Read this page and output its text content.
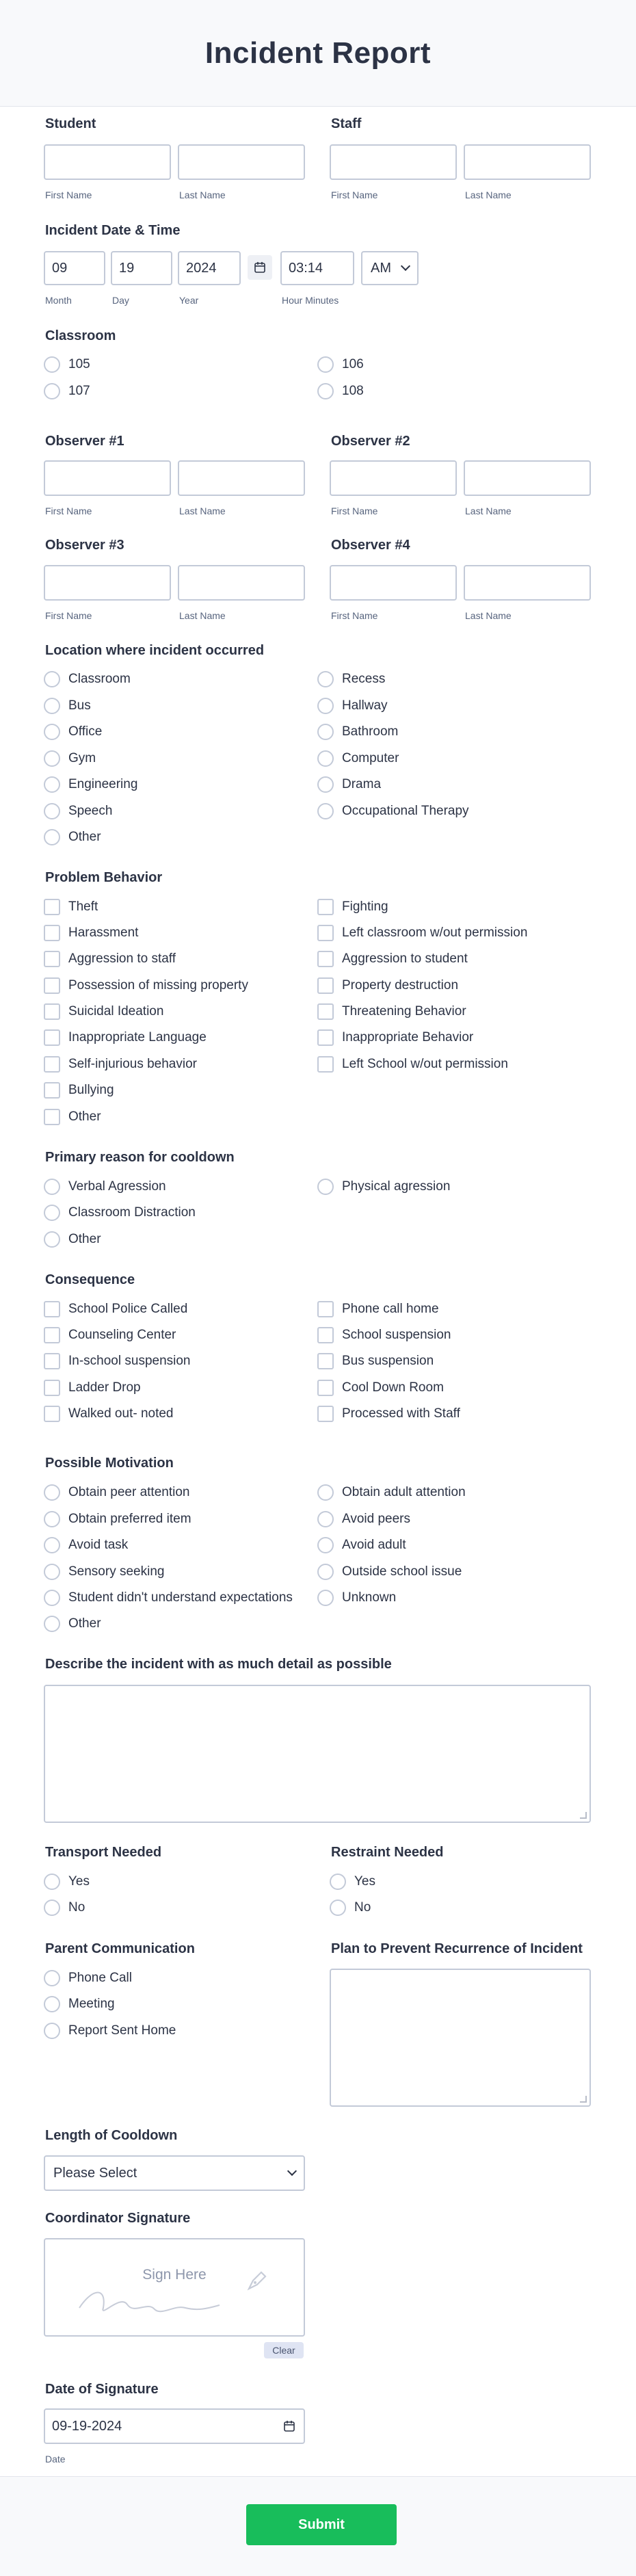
Incident Report
Student
First Name	Last Name
Staff
First Name	Last Name
Incident Date & Time
09	19	2024	03:14	AM
Month	Day	Year	Hour Minutes
Classroom
105	106
107	108
Observer #1
First Name	Last Name
Observer #2
First Name	Last Name
Observer #3
First Name	Last Name
Observer #4
First Name	Last Name
Location where incident occurred
Classroom	Recess
Bus	Hallway
Office	Bathroom
Gym	Computer
Engineering	Drama
Speech	Occupational Therapy
Other
Problem Behavior
Theft	Fighting
Harassment	Left classroom w/out permission
Aggression to staff	Aggression to student
Possession of missing property	Property destruction
Suicidal Ideation	Threatening Behavior
Inappropriate Language	Inappropriate Behavior
Self-injurious behavior	Left School w/out permission
Bullying
Other
Primary reason for cooldown
Verbal Agression	Physical agression
Classroom Distraction
Other
Consequence
School Police Called	Phone call home
Counseling Center	School suspension
In-school suspension	Bus suspension
Ladder Drop	Cool Down Room
Walked out- noted	Processed with Staff
Possible Motivation
Obtain peer attention	Obtain adult attention
Obtain preferred item	Avoid peers
Avoid task	Avoid adult
Sensory seeking	Outside school issue
Student didn't understand expectations	Unknown
Other
Describe the incident with as much detail as possible
Transport Needed
Yes
No
Restraint Needed
Yes
No
Parent Communication
Phone Call
Meeting
Report Sent Home
Plan to Prevent Recurrence of Incident
Length of Cooldown
Please Select
Coordinator Signature
Sign Here
Clear
Date of Signature
09-19-2024
Date
Submit
